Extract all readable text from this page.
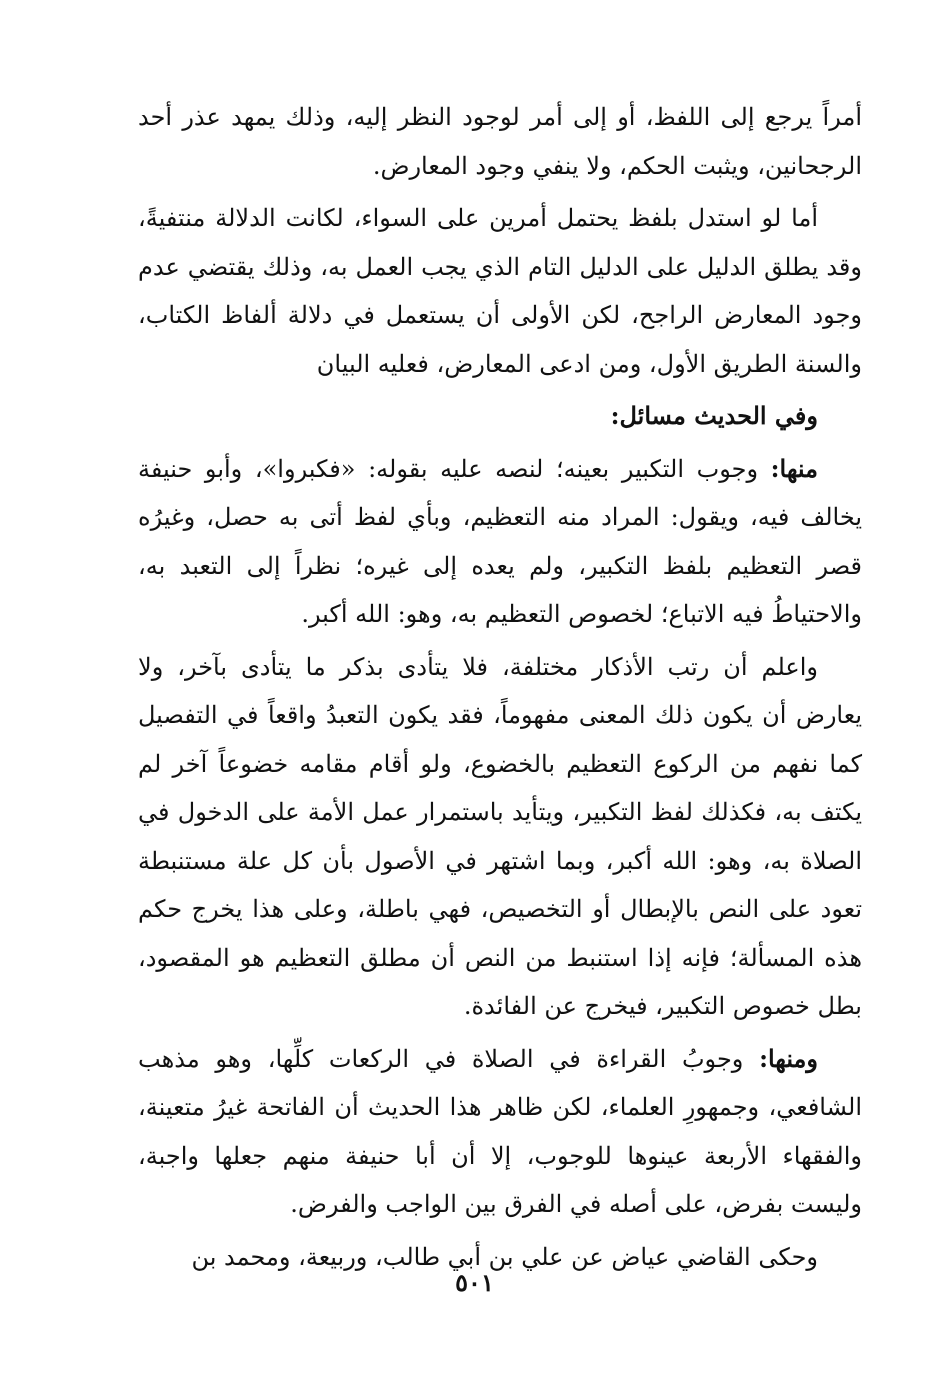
أمراً يرجع إلى اللفظ، أو إلى أمر لوجود النظر إليه، وذلك يمهد عذر أحد الرجحانين، ويثبت الحكم، ولا ينفي وجود المعارض.

أما لو استدل بلفظ يحتمل أمرين على السواء، لكانت الدلالة منتفيةً، وقد يطلق الدليل على الدليل التام الذي يجب العمل به، وذلك يقتضي عدم وجود المعارض الراجح، لكن الأولى أن يستعمل في دلالة ألفاظ الكتاب، والسنة الطريق الأول، ومن ادعى المعارض، فعليه البيان

وفي الحديث مسائل:

منها: وجوب التكبير بعينه؛ لنصه عليه بقوله: «فكبروا»، وأبو حنيفة يخالف فيه، ويقول: المراد منه التعظيم، وبأي لفظ أتى به حصل، وغيرُه قصر التعظيم بلفظ التكبير، ولم يعده إلى غيره؛ نظراً إلى التعبد به، والاحتياطُ فيه الاتباع؛ لخصوص التعظيم به، وهو: الله أكبر.

واعلم أن رتب الأذكار مختلفة، فلا يتأدى بذكر ما يتأدى بآخر، ولا يعارض أن يكون ذلك المعنى مفهوماً، فقد يكون التعبدُ واقعاً في التفصيل كما نفهم من الركوع التعظيم بالخضوع، ولو أقام مقامه خضوعاً آخر لم يكتف به، فكذلك لفظ التكبير، ويتأيد باستمرار عمل الأمة على الدخول في الصلاة به، وهو: الله أكبر، وبما اشتهر في الأصول بأن كل علة مستنبطة تعود على النص بالإبطال أو التخصيص، فهي باطلة، وعلى هذا يخرج حكم هذه المسألة؛ فإنه إذا استنبط من النص أن مطلق التعظيم هو المقصود، بطل خصوص التكبير، فيخرج عن الفائدة.

ومنها: وجوبُ القراءة في الصلاة في الركعات كلِّها، وهو مذهب الشافعي، وجمهورِ العلماء، لكن ظاهر هذا الحديث أن الفاتحة غيرُ متعينة، والفقهاء الأربعة عينوها للوجوب، إلا أن أبا حنيفة منهم جعلها واجبة، وليست بفرض، على أصله في الفرق بين الواجب والفرض.

وحكى القاضي عياض عن علي بن أبي طالب، وربيعة، ومحمد بن

٥٠١
